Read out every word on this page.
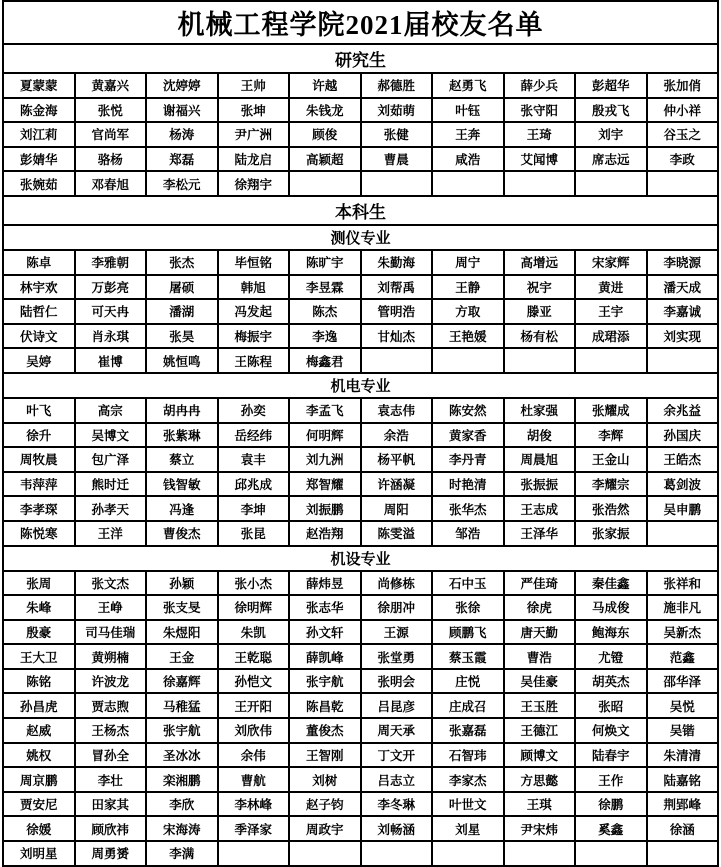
机械工程学院2021届校友名单									
研究生									
夏蒙蒙	黄嘉兴	沈婷婷	王帅	许越	郝德胜	赵勇飞	薛少兵	彭超华	张加俏
陈金海	张悦	谢福兴	张坤	朱钱龙	刘茹萌	叶钰	张守阳	殷戎飞	仲小祥
刘江莉	官尚军	杨涛	尹广洲	顾俊	张健	王奔	王琦	刘宇	谷玉之
彭婧华	骆杨	郑磊	陆龙启	高颖超	曹晨	咸浩	艾闻博	席志远	李政
张婉茹	邓春旭	李松元	徐翔宇						
本科生									
测仪专业									
陈卓	李雅朝	张杰	毕恒铭	陈旷宇	朱勤海	周宁	高增远	宋家辉	李晓源
林宇欢	万彭亮	屠硕	韩旭	李昱霖	刘帮禹	王静	祝宇	黄进	潘天成
陆哲仁	可天冉	潘湖	冯发起	陈杰	管明浩	方取	滕亚	王宇	李嘉诚
伏诗文	肖永琪	张昊	梅振宇	李逸	甘灿杰	王艳媛	杨有松	成珺添	刘实现
吴婷	崔博	姚恒鸣	王陈程	梅鑫君					
机电专业									
叶飞	高宗	胡冉冉	孙奕	李孟飞	袁志伟	陈安然	杜家强	张耀成	余兆益
徐升	吴博文	张紫琳	岳经纬	何明辉	余浩	黄家香	胡俊	李辉	孙国庆
周牧晨	包广泽	蔡立	袁丰	刘九洲	杨平帆	李丹青	周晨旭	王金山	王皓杰
韦萍萍	熊时迁	钱智敏	邱兆成	郑智耀	许涵凝	时艳清	张振振	李耀宗	葛剑波
李孝琛	孙孝天	冯逢	李坤	刘振鹏	周阳	张华杰	王志成	张浩然	吴申鹏
陈悦寒	王洋	曹俊杰	张昆	赵浩翔	陈雯溢	邹浩	王泽华	张家振	
机设专业									
张周	张文杰	孙颖	张小杰	薛炜昱	尚修栋	石中玉	严佳琦	秦佳鑫	张祥和
朱峰	王峥	张支旻	徐明辉	张志华	徐朋冲	张徐	徐虎	马成俊	施非凡
殷豪	司马佳瑞	朱煜阳	朱凯	孙文轩	王源	顾鹏飞	唐天勤	鲍海东	吴新杰
王大卫	黄朔楠	王金	王乾聪	薛凯峰	张堂勇	蔡玉霞	曹浩	尤镫	范鑫
陈铭	许波龙	徐嘉辉	孙恺文	张宇航	张明会	庄悦	吴佳豪	胡英杰	邵华泽
孙昌虎	贾志煦	马稚猛	王开阳	陈昌乾	吕昆彦	庄成召	王玉胜	张昭	吴悦
赵威	王杨杰	张宇航	刘欣伟	董俊杰	周天承	张嘉磊	王德江	何焕文	吴锴
姚权	冒孙全	圣冰冰	余伟	王智刚	丁文开	石智玮	顾博文	陆春宇	朱清清
周京鹏	李壮	栾湘鹏	曹航	刘树	吕志立	李家杰	方思懿	王作	陆嘉铭
贾安尼	田家其	李欣	李林峰	赵子钧	李冬琳	叶世文	王琪	徐鹏	荆郢峰
徐媛	顾欣祎	宋海涛	季泽家	周政宇	刘畅涵	刘星	尹宋炜	奚鑫	徐涵
刘明星	周勇赟	李满							
